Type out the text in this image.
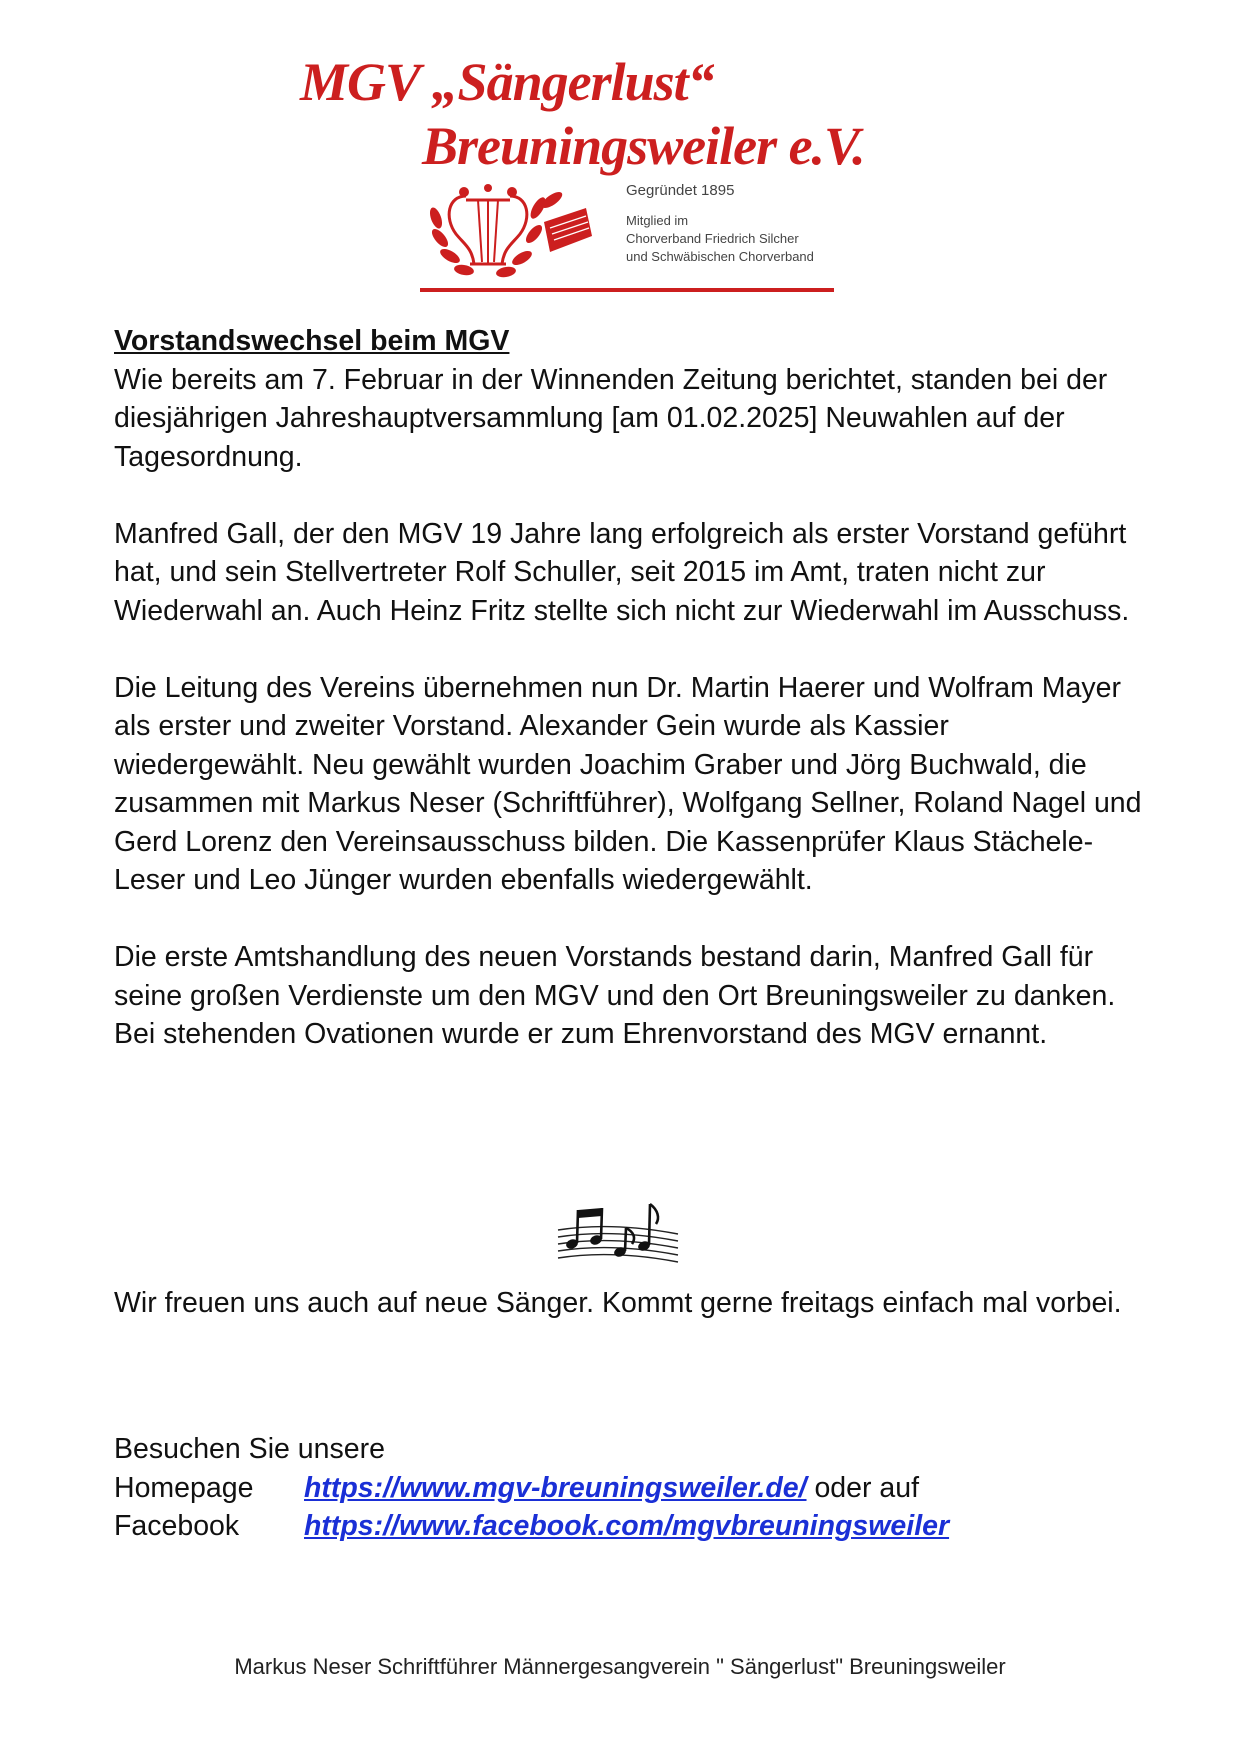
MGV „Sängerlust“
Breuningsweiler e.V.
Gegründet 1895
Mitglied im
Chorverband Friedrich Silcher
und Schwäbischen Chorverband
Vorstandswechsel beim MGV

Wie bereits am 7. Februar in der Winnenden Zeitung berichtet, standen bei der diesjährigen Jahreshauptversammlung [am 01.02.2025] Neuwahlen auf der Tagesordnung.

Manfred Gall, der den MGV 19 Jahre lang erfolgreich als erster Vorstand geführt hat, und sein Stellvertreter Rolf Schuller, seit 2015 im Amt, traten nicht zur Wiederwahl an. Auch Heinz Fritz stellte sich nicht zur Wiederwahl im Ausschuss.

Die Leitung des Vereins übernehmen nun Dr. Martin Haerer und Wolfram Mayer als erster und zweiter Vorstand. Alexander Gein wurde als Kassier wiedergewählt. Neu gewählt wurden Joachim Graber und Jörg Buchwald, die zusammen mit Markus Neser (Schriftführer), Wolfgang Sellner, Roland Nagel und Gerd Lorenz den Vereinsausschuss bilden. Die Kassenprüfer Klaus Stächele-Leser und Leo Jünger wurden ebenfalls wiedergewählt.

Die erste Amtshandlung des neuen Vorstands bestand darin, Manfred Gall für seine großen Verdienste um den MGV und den Ort Breuningsweiler zu danken. Bei stehenden Ovationen wurde er zum Ehrenvorstand des MGV ernannt.

Wir freuen uns auch auf neue Sänger. Kommt gerne freitags einfach mal vorbei.

Besuchen Sie unsere
Homepage https://www.mgv-breuningsweiler.de/ oder auf
Facebook https://www.facebook.com/mgvbreuningsweiler
Markus Neser Schriftführer Männergesangverein " Sängerlust" Breuningsweiler
